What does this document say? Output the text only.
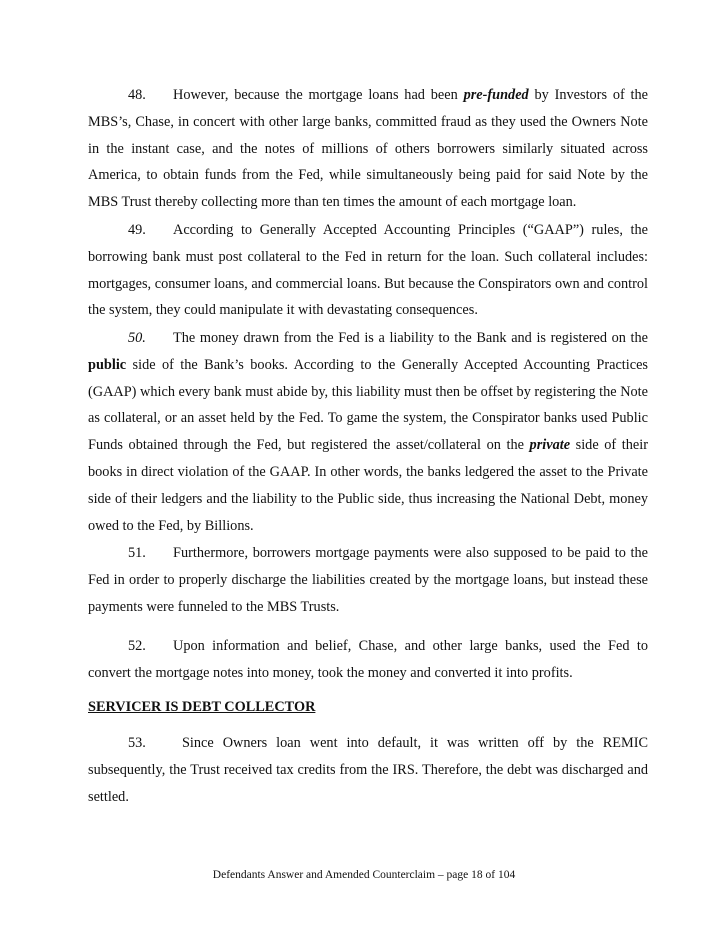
48. However, because the mortgage loans had been pre-funded by Investors of the MBS’s, Chase, in concert with other large banks, committed fraud as they used the Owners Note in the instant case, and the notes of millions of others borrowers similarly situated across America, to obtain funds from the Fed, while simultaneously being paid for said Note by the MBS Trust thereby collecting more than ten times the amount of each mortgage loan.

49. According to Generally Accepted Accounting Principles (“GAAP”) rules, the borrowing bank must post collateral to the Fed in return for the loan. Such collateral includes: mortgages, consumer loans, and commercial loans. But because the Conspirators own and control the system, they could manipulate it with devastating consequences.

50. The money drawn from the Fed is a liability to the Bank and is registered on the public side of the Bank’s books. According to the Generally Accepted Accounting Practices (GAAP) which every bank must abide by, this liability must then be offset by registering the Note as collateral, or an asset held by the Fed. To game the system, the Conspirator banks used Public Funds obtained through the Fed, but registered the asset/collateral on the private side of their books in direct violation of the GAAP. In other words, the banks ledgered the asset to the Private side of their ledgers and the liability to the Public side, thus increasing the National Debt, money owed to the Fed, by Billions.

51. Furthermore, borrowers mortgage payments were also supposed to be paid to the Fed in order to properly discharge the liabilities created by the mortgage loans, but instead these payments were funneled to the MBS Trusts.

52. Upon information and belief, Chase, and other large banks, used the Fed to convert the mortgage notes into money, took the money and converted it into profits.

SERVICER IS DEBT COLLECTOR

53. Since Owners loan went into default, it was written off by the REMIC subsequently, the Trust received tax credits from the IRS. Therefore, the debt was discharged and settled.

Defendants Answer and Amended Counterclaim – page 18 of 104
